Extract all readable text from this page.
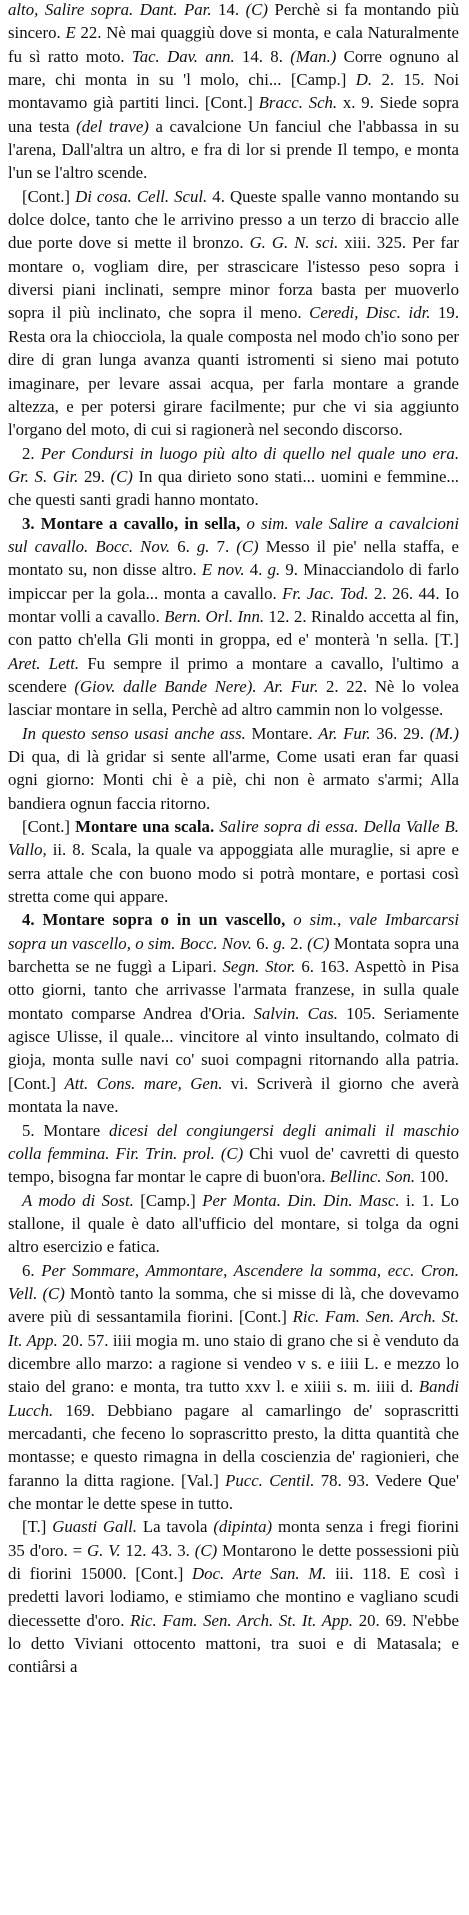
alto, Salire sopra. Dant. Par. 14. (C) Perchè si fa montando più sincero. E 22. Nè mai quaggiù dove si monta, e cala Naturalmente fu sì ratto moto. Tac. Dav. ann. 14. 8. (Man.) Corre ognuno al mare, chi monta in su 'l molo, chi... [Camp.] D. 2. 15. Noi montavamo già partiti linci. [Cont.] Bracc. Sch. x. 9. Siede sopra una testa (del trave) a cavalcione Un fanciul che l'abbassa in su l'arena, Dall'altra un altro, e fra di lor si prende Il tempo, e monta l'un se l'altro scende.

[Cont.] Di cosa. Cell. Scul. 4. Queste spalle vanno montando su dolce dolce, tanto che le arrivino presso a un terzo di braccio alle due porte dove si mette il bronzo. G. G. N. sci. xiii. 325. Per far montare o, vogliam dire, per strascicare l'istesso peso sopra i diversi piani inclinati, sempre minor forza basta per muoverlo sopra il più inclinato, che sopra il meno. Ceredi, Disc. idr. 19. Resta ora la chiocciola, la quale composta nel modo ch'io sono per dire di gran lunga avanza quanti istromenti si sieno mai potuto imaginare, per levare assai acqua, per farla montare a grande altezza, e per potersi girare facilmente; pur che vi sia aggiunto l'organo del moto, di cui si ragionerà nel secondo discorso.

2. Per Condursi in luogo più alto di quello nel quale uno era. Gr. S. Gir. 29. (C) In qua dirieto sono stati... uomini e femmine... che questi santi gradi hanno montato.

3. Montare a cavallo, in sella, o sim. vale Salire a cavalcioni sul cavallo. Bocc. Nov. 6. g. 7. (C) Messo il pie' nella staffa, e montato su, non disse altro. E nov. 4. g. 9. Minacciandolo di farlo impiccar per la gola... monta a cavallo. Fr. Jac. Tod. 2. 26. 44. Io montar volli a cavallo. Bern. Orl. Inn. 12. 2. Rinaldo accetta al fin, con patto ch'ella Gli monti in groppa, ed e' monterà 'n sella. [T.] Aret. Lett. Fu sempre il primo a montare a cavallo, l'ultimo a scendere (Giov. dalle Bande Nere). Ar. Fur. 2. 22. Nè lo volea lasciar montare in sella, Perchè ad altro cammin non lo volgesse.

In questo senso usasi anche ass. Montare. Ar. Fur. 36. 29. (M.) Di qua, di là gridar si sente all'arme, Come usati eran far quasi ogni giorno: Monti chi è a piè, chi non è armato s'armi; Alla bandiera ognun faccia ritorno.

[Cont.] Montare una scala. Salire sopra di essa. Della Valle B. Vallo, ii. 8. Scala, la quale va appoggiata alle muraglie, si apre e serra attale che con buono modo si potrà montare, e portasi così stretta come qui appare.

4. Montare sopra o in un vascello, o sim., vale Imbarcarsi sopra un vascello, o sim. Bocc. Nov. 6. g. 2. (C) Montata sopra una barchetta se ne fuggì a Lipari. Segn. Stor. 6. 163. Aspettò in Pisa otto giorni, tanto che arrivasse l'armata franzese, in sulla quale montato comparse Andrea d'Oria. Salvin. Cas. 105. Seriamente agisce Ulisse, il quale... vincitore al vinto insultando, colmato di gioja, monta sulle navi co' suoi compagni ritornando alla patria. [Cont.] Att. Cons. mare, Gen. vi. Scriverà il giorno che averà montata la nave.

5. Montare dicesi del congiungersi degli animali il maschio colla femmina. Fir. Trin. prol. (C) Chi vuol de' cavretti di questo tempo, bisogna far montar le capre di buon'ora. Bellinc. Son. 100.

A modo di Sost. [Camp.] Per Monta. Din. Din. Masc. i. 1. Lo stallone, il quale è dato all'ufficio del montare, si tolga da ogni altro esercizio e fatica.

6. Per Sommare, Ammontare, Ascendere la somma, ecc. Cron. Vell. (C) Montò tanto la somma, che si misse di là, che dovevamo avere più di sessantamila fiorini. [Cont.] Ric. Fam. Sen. Arch. St. It. App. 20. 57. iiii mogia m. uno staio di grano che si è venduto da dicembre allo marzo: a ragione si vendeo v s. e iiii L. e mezzo lo staio del grano: e monta, tra tutto xxv l. e xiiii s. m. iiii d. Bandi Lucch. 169. Debbiano pagare al camarlingo de' soprascritti mercadanti, che feceno lo soprascritto presto, la ditta quantità che montasse; e questo rimagna in della coscienzia de' ragionieri, che faranno la ditta ragione. [Val.] Pucc. Centil. 78. 93. Vedere Que' che montar le dette spese in tutto.

[T.] Guasti Gall. La tavola (dipinta) monta senza i fregi fiorini 35 d'oro. = G. V. 12. 43. 3. (C) Montarono le dette possessioni più di fiorini 15000. [Cont.] Doc. Arte San. M. iii. 118. E così i predetti lavori lodiamo, e stimiamo che montino e vagliano scudi diecessette d'oro. Ric. Fam. Sen. Arch. St. It. App. 20. 69. N'ebbe lo detto Viviani ottocento mattoni, tra suoi e di Matasala; e contiârsi a
